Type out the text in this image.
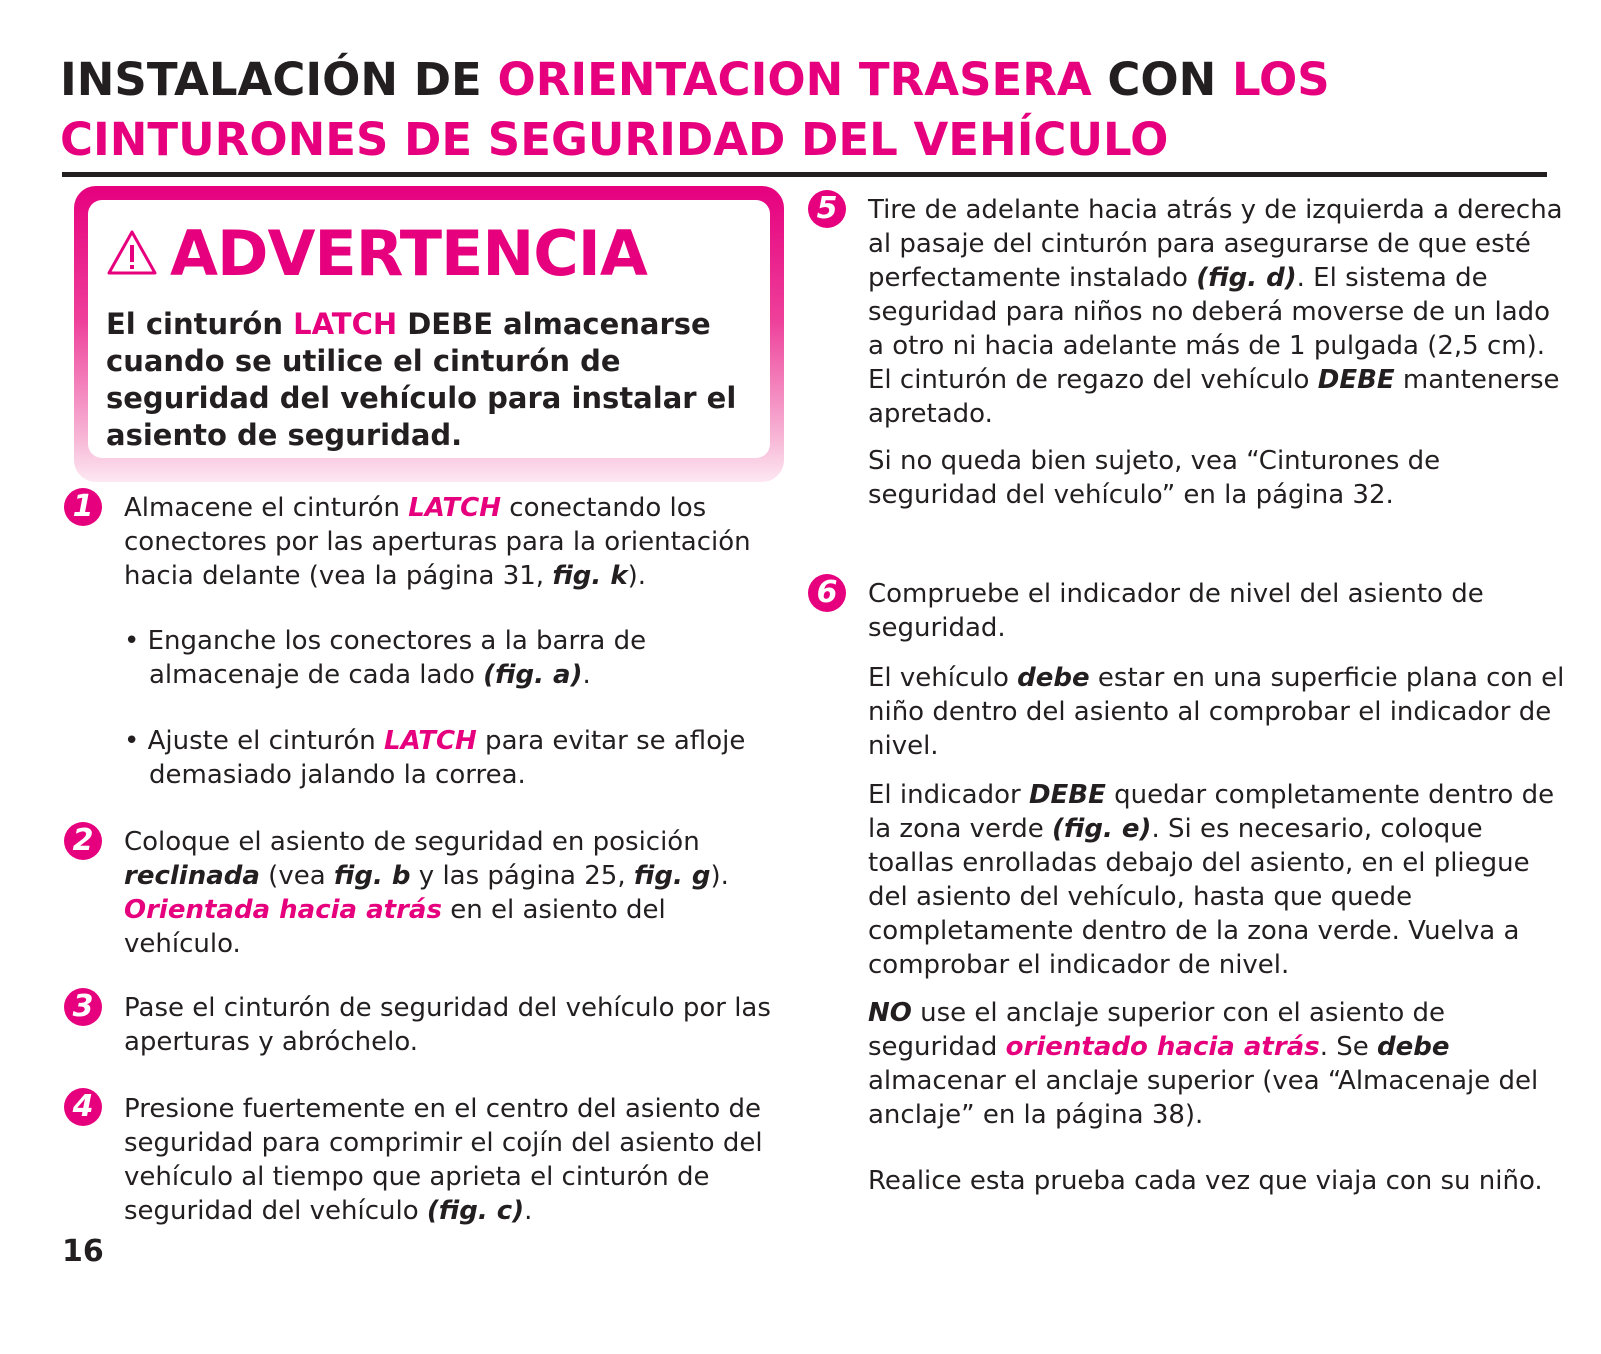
INSTALACIÓN DE ORIENTACION TRASERA CON LOS CINTURONES DE SEGURIDAD DEL VEHÍCULO
ADVERTENCIA

El cinturón LATCH DEBE almacenarse cuando se utilice el cinturón de seguridad del vehículo para instalar el asiento de seguridad.

1	Almacene el cinturón LATCH conectando los conectores por las aperturas para la orientación hacia delante (vea la página 31, fig. k).

• Enganche los conectores a la barra de almacenaje de cada lado (fig. a).

• Ajuste el cinturón LATCH para evitar se afloje demasiado jalando la correa.

2	Coloque el asiento de seguridad en posición reclinada (vea fig. b y las página 25, fig. g). Orientada hacia atrás en el asiento del vehículo.

3	Pase el cinturón de seguridad del vehículo por las aperturas y abróchelo.

4	Presione fuertemente en el centro del asiento de seguridad para comprimir el cojín del asiento del vehículo al tiempo que aprieta el cinturón de seguridad del vehículo (fig. c).

5	Tire de adelante hacia atrás y de izquierda a derecha al pasaje del cinturón para asegurarse de que esté perfectamente instalado (fig. d). El sistema de seguridad para niños no deberá moverse de un lado a otro ni hacia adelante más de 1 pulgada (2,5 cm). El cinturón de regazo del vehículo DEBE mantenerse apretado.

Si no queda bien sujeto, vea “Cinturones de seguridad del vehículo” en la página 32.

6	Compruebe el indicador de nivel del asiento de seguridad.

El vehículo debe estar en una superficie plana con el niño dentro del asiento al comprobar el indicador de nivel.

El indicador DEBE quedar completamente dentro de la zona verde (fig. e). Si es necesario, coloque toallas enrolladas debajo del asiento, en el pliegue del asiento del vehículo, hasta que quede completamente dentro de la zona verde. Vuelva a comprobar el indicador de nivel.

NO use el anclaje superior con el asiento de seguridad orientado hacia atrás. Se debe almacenar el anclaje superior (vea “Almacenaje del anclaje” en la página 38).

Realice esta prueba cada vez que viaja con su niño.

16
